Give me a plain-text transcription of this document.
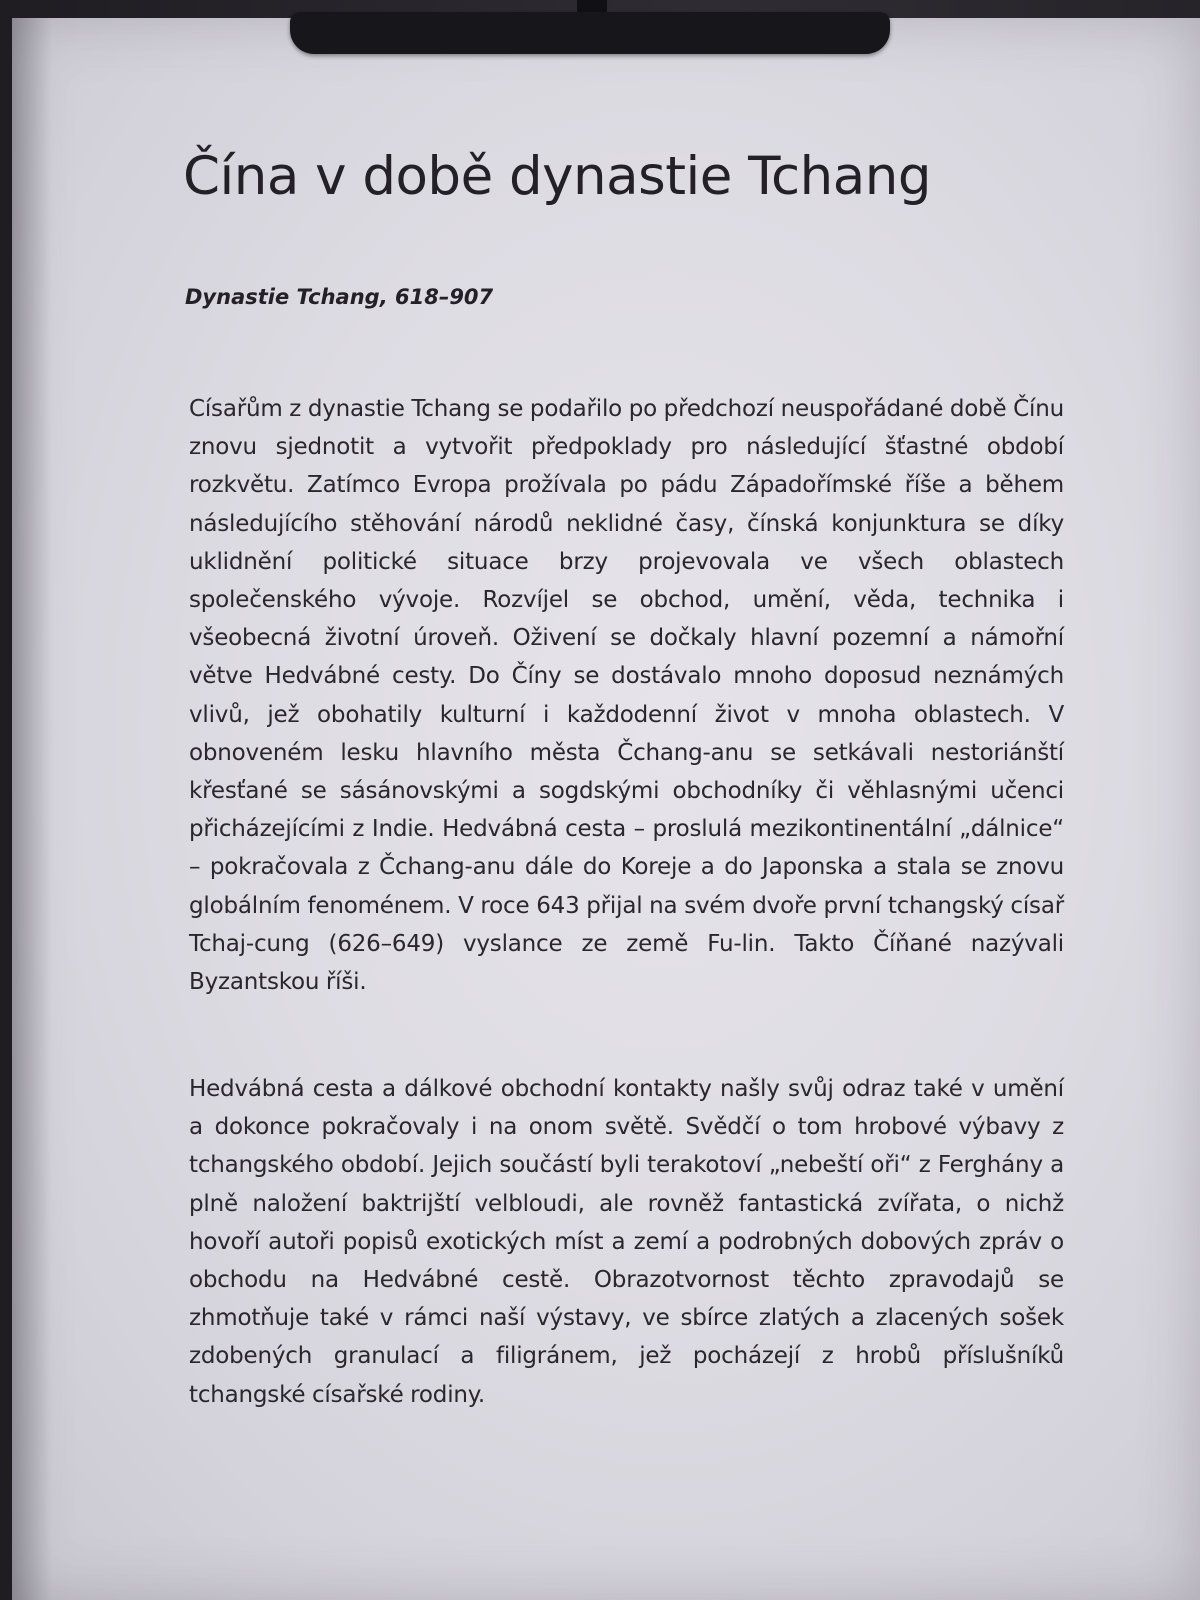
Čína v době dynastie Tchang

Dynastie Tchang, 618–907

Císařům z dynastie Tchang se podařilo po předchozí neuspořádané době Čínu znovu sjednotit a vytvořit předpoklady pro následující šťastné období rozkvětu. Zatímco Evropa prožívala po pádu Západořímské říše a během následujícího stěhování národů neklidné časy, čínská konjunktura se díky uklidnění politické situace brzy projevovala ve všech oblastech společenského vývoje. Rozvíjel se obchod, umění, věda, technika i všeobecná životní úroveň. Oživení se dočkaly hlavní pozemní a námořní větve Hedvábné cesty. Do Číny se dostávalo mnoho doposud neznámých vlivů, jež obohatily kulturní i každodenní život v mnoha oblastech. V obnoveném lesku hlavního města Čchang-anu se setkávali nestoriánští křesťané se sásánovskými a sogdskými obchodníky či věhlasnými učenci přicházejícími z Indie. Hedvábná cesta – proslulá mezikontinentální „dálnice“ – pokračovala z Čchang-anu dále do Koreje a do Japonska a stala se znovu globálním fenoménem. V roce 643 přijal na svém dvoře první tchangský císař Tchaj-cung (626–649) vyslance ze země Fu-lin. Takto Číňané nazývali Byzantskou říši.

Hedvábná cesta a dálkové obchodní kontakty našly svůj odraz také v umění a dokonce pokračovaly i na onom světě. Svědčí o tom hrobové výbavy z tchangského období. Jejich součástí byli terakotoví „nebeští oři“ z Ferghány a plně naložení baktrijští velbloudi, ale rovněž fantastická zvířata, o nichž hovoří autoři popisů exotických míst a zemí a podrobných dobových zpráv o obchodu na Hedvábné cestě. Obrazotvornost těchto zpravodajů se zhmotňuje také v rámci naší výstavy, ve sbírce zlatých a zlacených sošek zdobených granulací a filigránem, jež pocházejí z hrobů příslušníků tchangské císařské rodiny.
